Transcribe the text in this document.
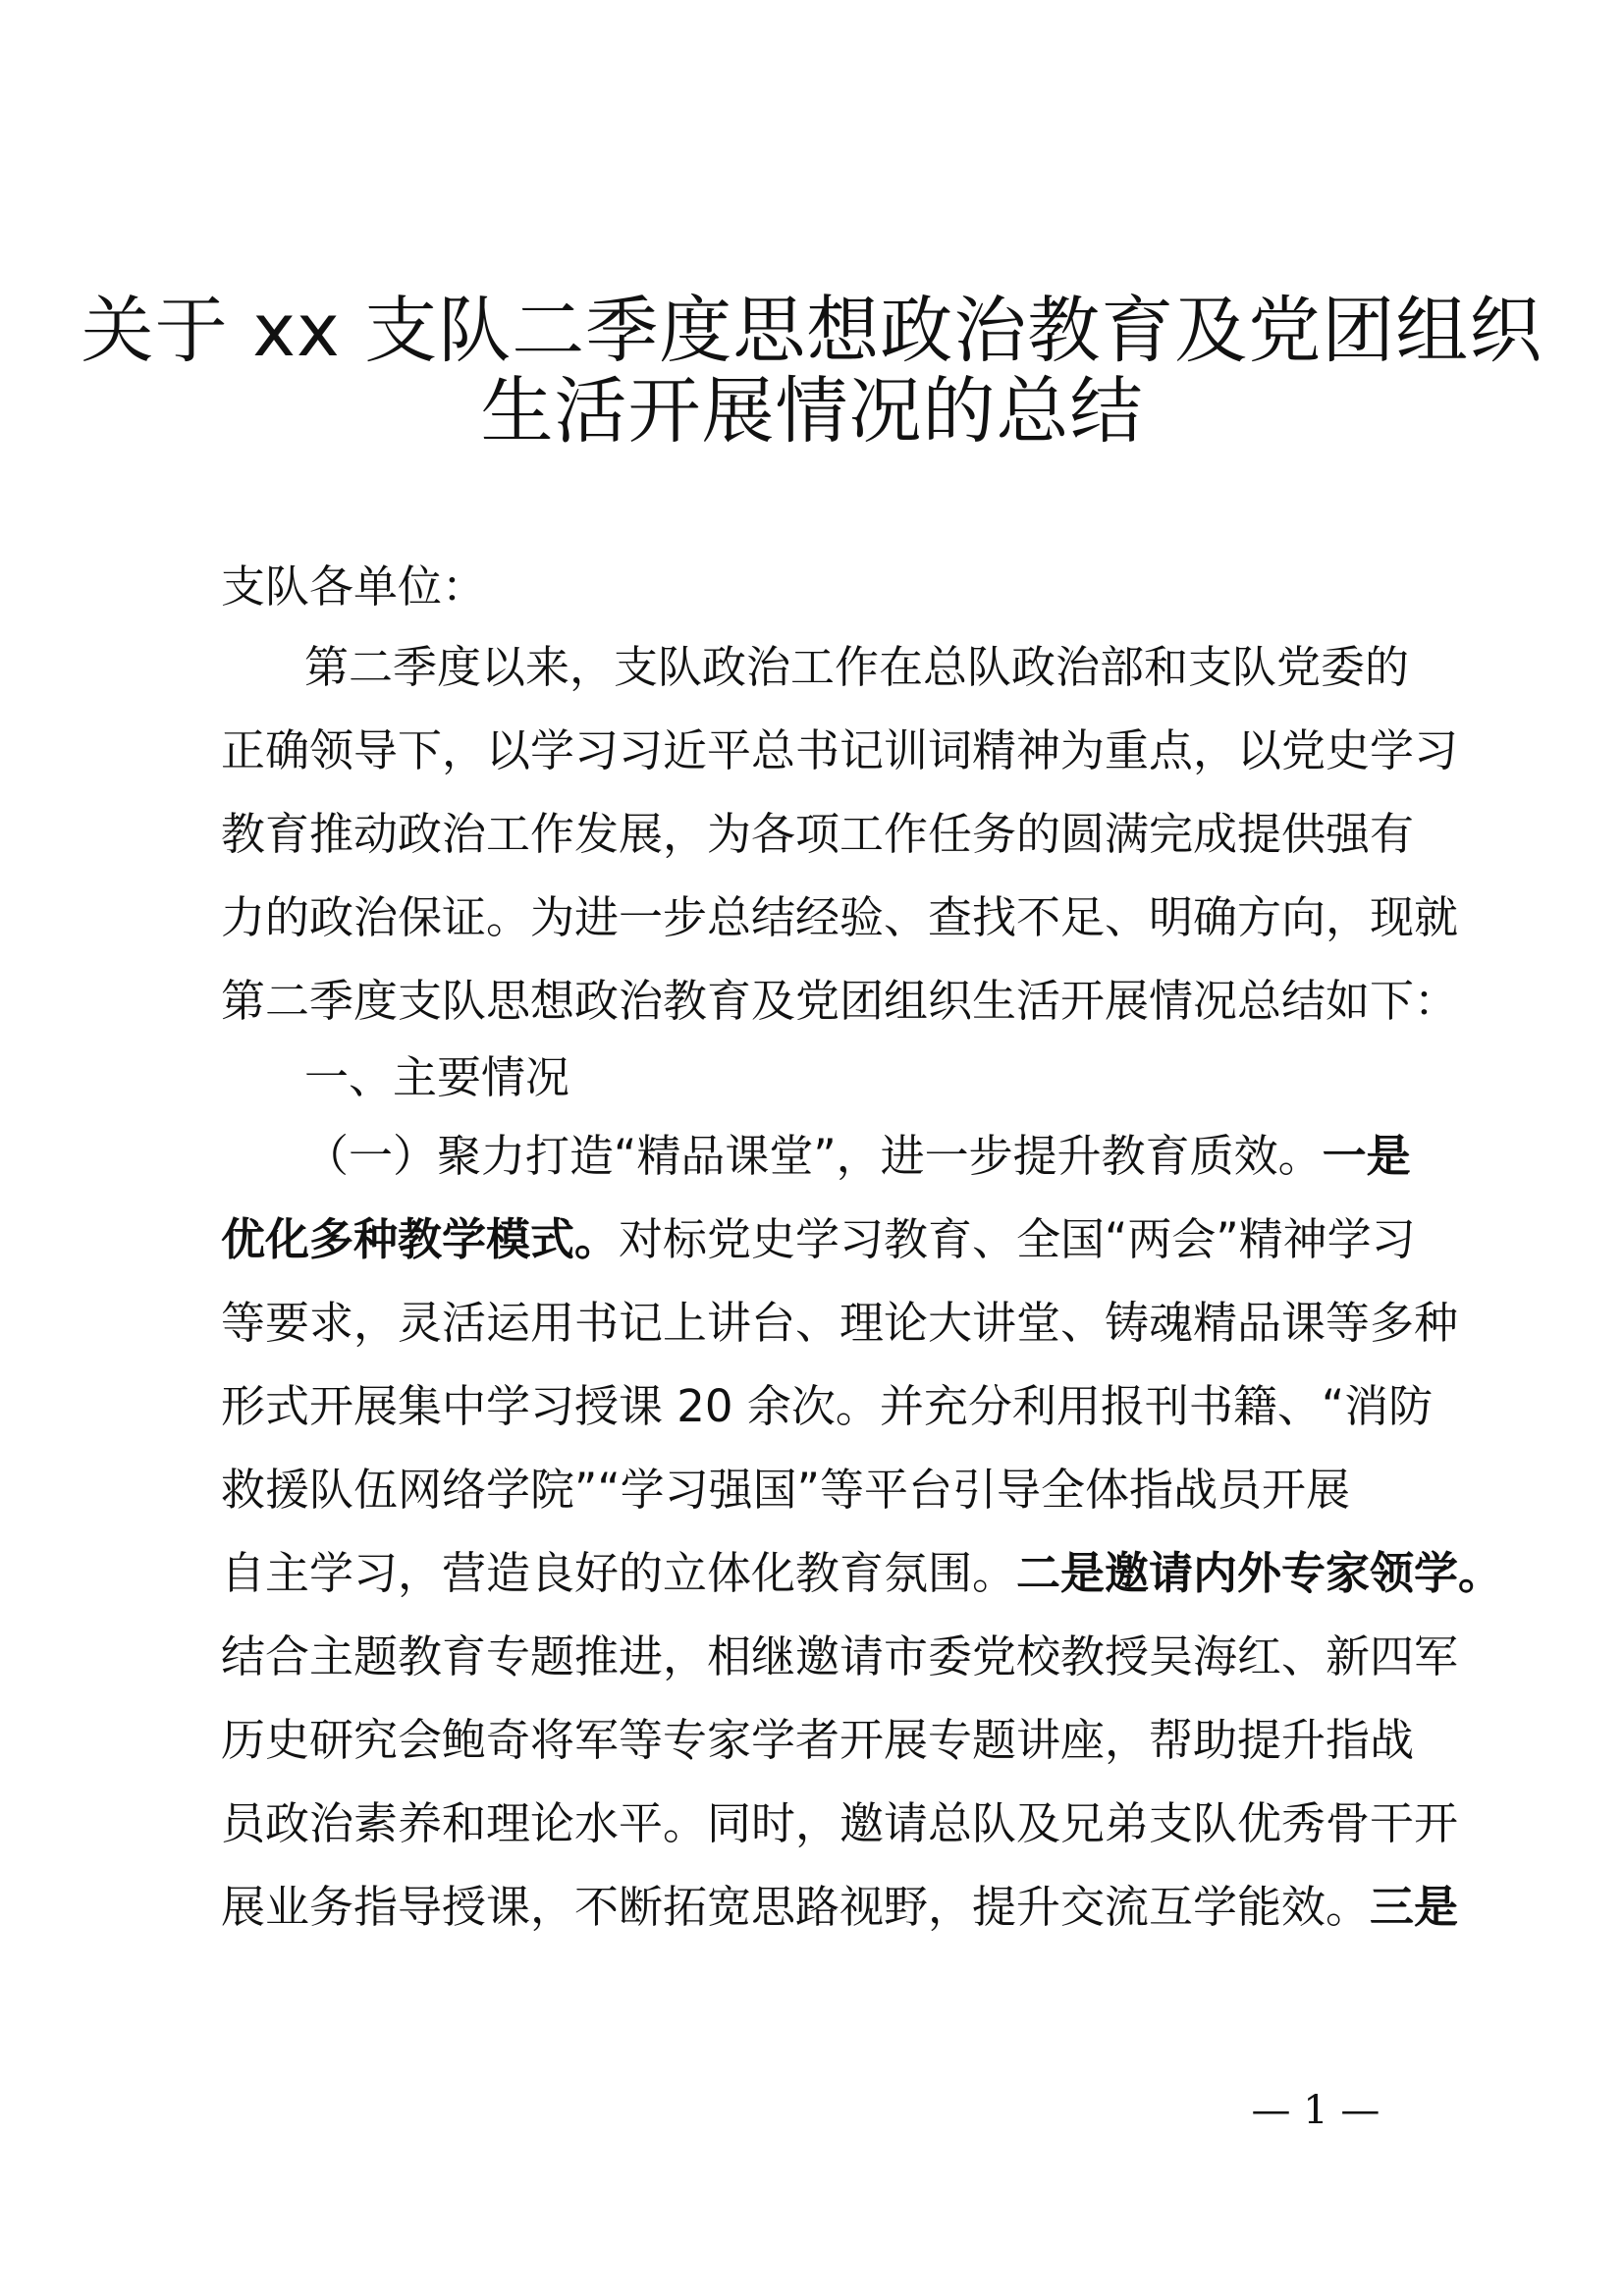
关于 xx 支队二季度思想政治教育及党团组织
生活开展情况的总结
支队各单位：
第二季度以来，支队政治工作在总队政治部和支队党委的
正确领导下，以学习习近平总书记训词精神为重点，以党史学习
教育推动政治工作发展，为各项工作任务的圆满完成提供强有
力的政治保证。为进一步总结经验、查找不足、明确方向，现就
第二季度支队思想政治教育及党团组织生活开展情况总结如下：
一、主要情况
（一）聚力打造“精品课堂”，进一步提升教育质效。一是
优化多种教学模式。对标党史学习教育、全国“两会”精神学习
等要求，灵活运用书记上讲台、理论大讲堂、铸魂精品课等多种
形式开展集中学习授课 20 余次。并充分利用报刊书籍、“消防
救援队伍网络学院”“学习强国”等平台引导全体指战员开展
自主学习，营造良好的立体化教育氛围。二是邀请内外专家领学。
结合主题教育专题推进，相继邀请市委党校教授吴海红、新四军
历史研究会鲍奇将军等专家学者开展专题讲座，帮助提升指战
员政治素养和理论水平。同时，邀请总队及兄弟支队优秀骨干开
展业务指导授课，不断拓宽思路视野，提升交流互学能效。三是
— 1 —
